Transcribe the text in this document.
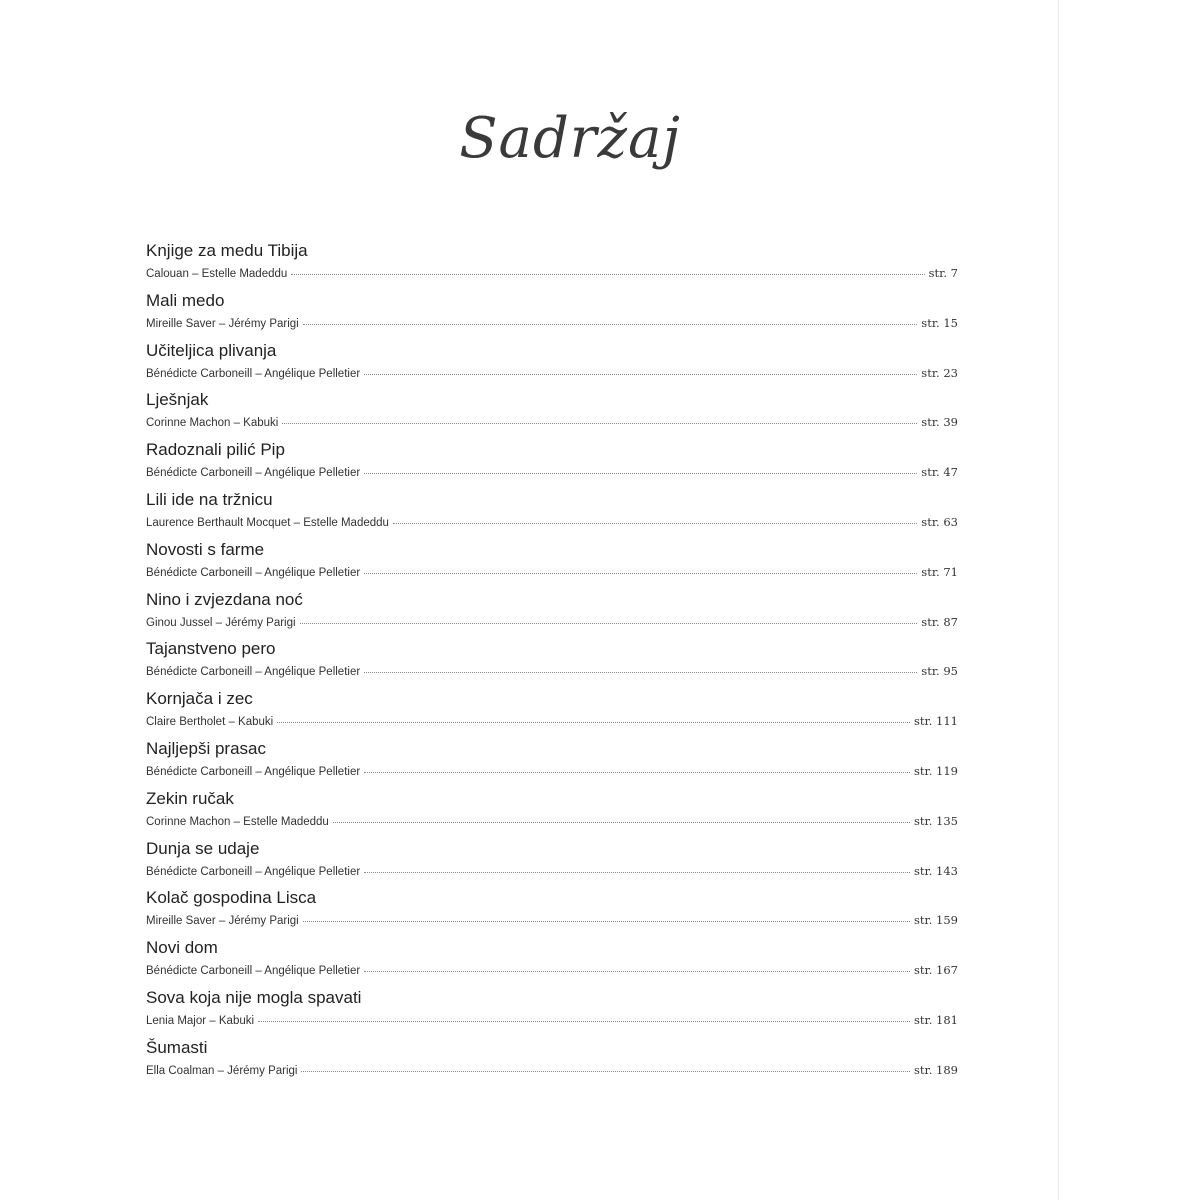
Sadržaj
Knjige za medu Tibija
Calouan – Estelle Madeddu	str. 7
Mali medo
Mireille Saver – Jérémy Parigi	str. 15
Učiteljica plivanja
Bénédicte Carboneill – Angélique Pelletier	str. 23
Lješnjak
Corinne Machon – Kabuki	str. 39
Radoznali pilić Pip
Bénédicte Carboneill – Angélique Pelletier	str. 47
Lili ide na tržnicu
Laurence Berthault Mocquet – Estelle Madeddu	str. 63
Novosti s farme
Bénédicte Carboneill – Angélique Pelletier	str. 71
Nino i zvjezdana noć
Ginou Jussel – Jérémy Parigi	str. 87
Tajanstveno pero
Bénédicte Carboneill – Angélique Pelletier	str. 95
Kornjača i zec
Claire Bertholet – Kabuki	str. 111
Najljepši prasac
Bénédicte Carboneill – Angélique Pelletier	str. 119
Zekin ručak
Corinne Machon – Estelle Madeddu	str. 135
Dunja se udaje
Bénédicte Carboneill – Angélique Pelletier	str. 143
Kolač gospodina Lisca
Mireille Saver – Jérémy Parigi	str. 159
Novi dom
Bénédicte Carboneill – Angélique Pelletier	str. 167
Sova koja nije mogla spavati
Lenia Major – Kabuki	str. 181
Šumasti
Ella Coalman – Jérémy Parigi	str. 189
